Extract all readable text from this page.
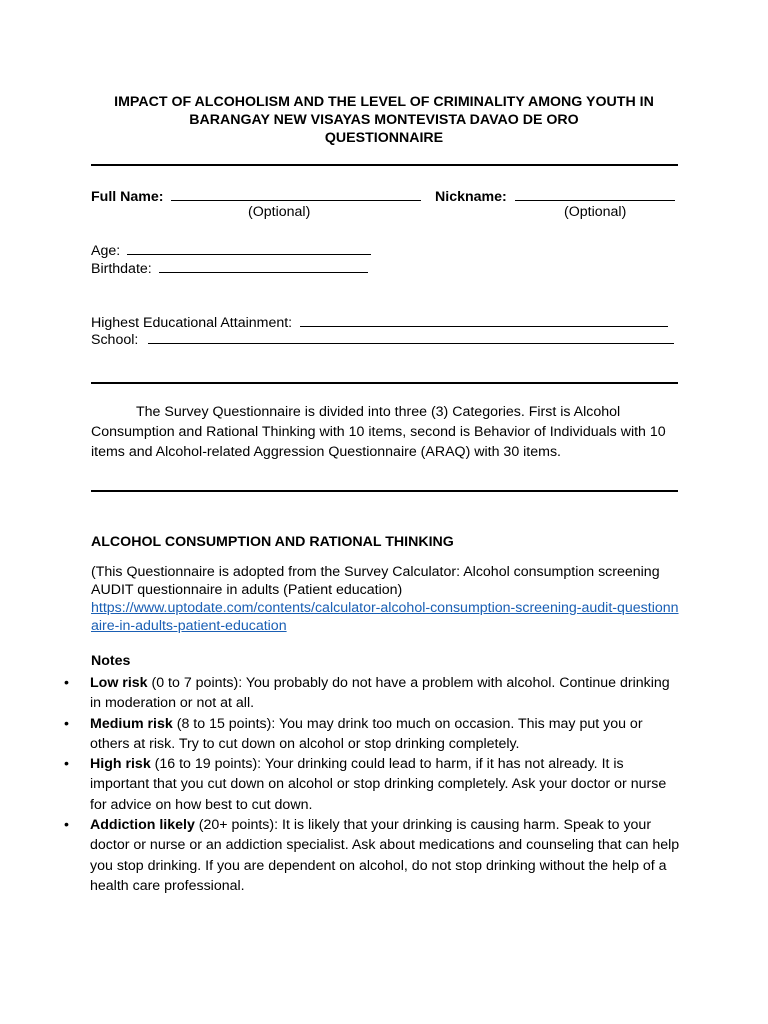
IMPACT OF ALCOHOLISM AND THE LEVEL OF CRIMINALITY AMONG YOUTH IN
BARANGAY NEW VISAYAS MONTEVISTA DAVAO DE ORO
QUESTIONNAIRE
Full Name:	Nickname:
(Optional)	(Optional)
Age:
Birthdate:
Highest Educational Attainment:
School:
The Survey Questionnaire is divided into three (3) Categories. First is Alcohol Consumption and Rational Thinking with 10 items, second is Behavior of Individuals with 10 items and Alcohol-related Aggression Questionnaire (ARAQ) with 30 items.
ALCOHOL CONSUMPTION AND RATIONAL THINKING
(This Questionnaire is adopted from the Survey Calculator: Alcohol consumption screening AUDIT questionnaire in adults (Patient education)
https://www.uptodate.com/contents/calculator-alcohol-consumption-screening-audit-questionnaire-in-adults-patient-education
Notes
•	Low risk (0 to 7 points): You probably do not have a problem with alcohol. Continue drinking in moderation or not at all.
•	Medium risk (8 to 15 points): You may drink too much on occasion. This may put you or others at risk. Try to cut down on alcohol or stop drinking completely.
•	High risk (16 to 19 points): Your drinking could lead to harm, if it has not already. It is important that you cut down on alcohol or stop drinking completely. Ask your doctor or nurse for advice on how best to cut down.
•	Addiction likely (20+ points): It is likely that your drinking is causing harm. Speak to your doctor or nurse or an addiction specialist. Ask about medications and counseling that can help you stop drinking. If you are dependent on alcohol, do not stop drinking without the help of a health care professional.
